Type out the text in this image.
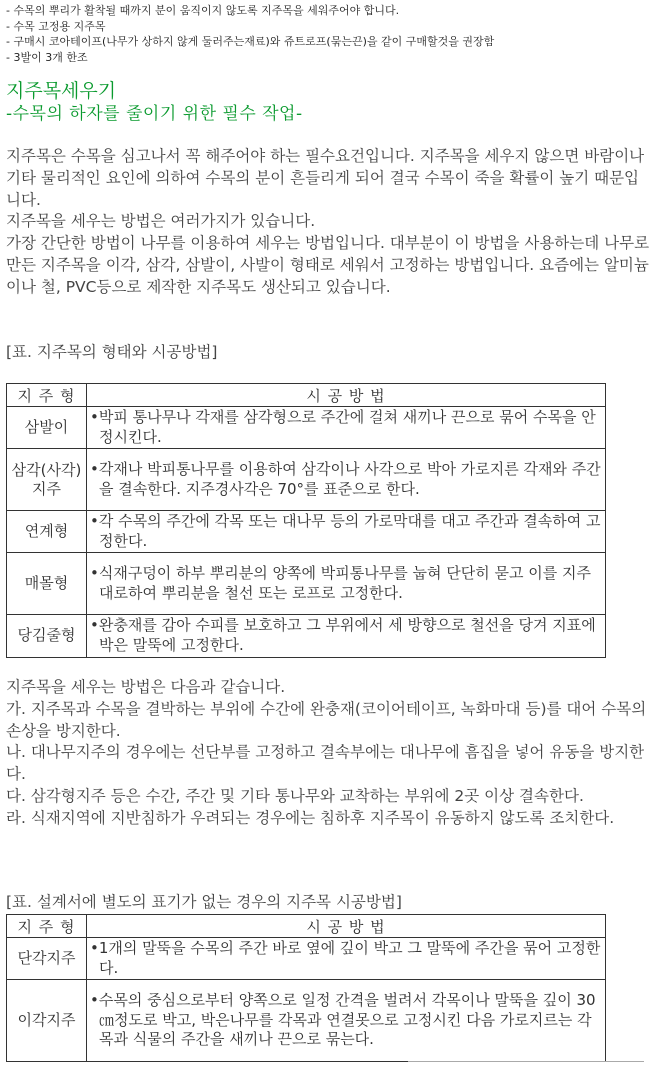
- 수목의 뿌리가 활착될 때까지 분이 움직이지 않도록 지주목을 세워주어야 합니다.
- 수목 고정용 지주목
- 구매시 코아테이프(나무가 상하지 않게 둘러주는재료)와 쥬트로프(묶는끈)을 같이 구매할것을 권장함
- 3발이 3개 한조
지주목세우기
-수목의 하자를 줄이기 위한 필수 작업-
지주목은 수목을 심고나서 꼭 해주어야 하는 필수요건입니다. 지주목을 세우지 않으면 바람이나 기타 물리적인 요인에 의하여 수목의 분이 흔들리게 되어 결국 수목이 죽을 확률이 높기 때문입니다.
지주목을 세우는 방법은 여러가지가 있습니다.
가장 간단한 방법이 나무를 이용하여 세우는 방법입니다. 대부분이 이 방법을 사용하는데 나무로 만든 지주목을 이각, 삼각, 삼발이, 사발이 형태로 세워서 고정하는 방법입니다. 요즘에는 알미늄이나 철, PVC등으로 제작한 지주목도 생산되고 있습니다.
[표. 지주목의 형태와 시공방법]
지 주 형	시 공 방 법
삼발이	•박피 통나무나 각재를 삼각형으로 주간에 걸쳐 새끼나 끈으로 묶어 수목을 안정시킨다.
삼각(사각)지주	•각재나 박피통나무를 이용하여 삼각이나 사각으로 박아 가로지른 각재와 주간을 결속한다. 지주경사각은 70°를 표준으로 한다.
연계형	•각 수목의 주간에 각목 또는 대나무 등의 가로막대를 대고 주간과 결속하여 고정한다.
매몰형	•식재구덩이 하부 뿌리분의 양쪽에 박피통나무를 눕혀 단단히 묻고 이를 지주대로하여 뿌리분을 철선 또는 로프로 고정한다.
당김줄형	•완충재를 감아 수피를 보호하고 그 부위에서 세 방향으로 철선을 당겨 지표에 박은 말뚝에 고정한다.
지주목을 세우는 방법은 다음과 같습니다.
가. 지주목과 수목을 결박하는 부위에 수간에 완충재(코이어테이프, 녹화마대 등)를 대어 수목의 손상을 방지한다.
나. 대나무지주의 경우에는 선단부를 고정하고 결속부에는 대나무에 흠집을 넣어 유동을 방지한다.
다. 삼각형지주 등은 수간, 주간 및 기타 통나무와 교착하는 부위에 2곳 이상 결속한다.
라. 식재지역에 지반침하가 우려되는 경우에는 침하후 지주목이 유동하지 않도록 조치한다.
[표. 설계서에 별도의 표기가 없는 경우의 지주목 시공방법]
지 주 형	시 공 방 법
단각지주	•1개의 말뚝을 수목의 주간 바로 옆에 깊이 박고 그 말뚝에 주간을 묶어 고정한다.
이각지주	•수목의 중심으로부터 양쪽으로 일정 간격을 벌려서 각목이나 말뚝을 깊이 30㎝정도로 박고, 박은나무를 각목과 연결못으로 고정시킨 다음 가로지르는 각목과 식물의 주간을 새끼나 끈으로 묶는다.
